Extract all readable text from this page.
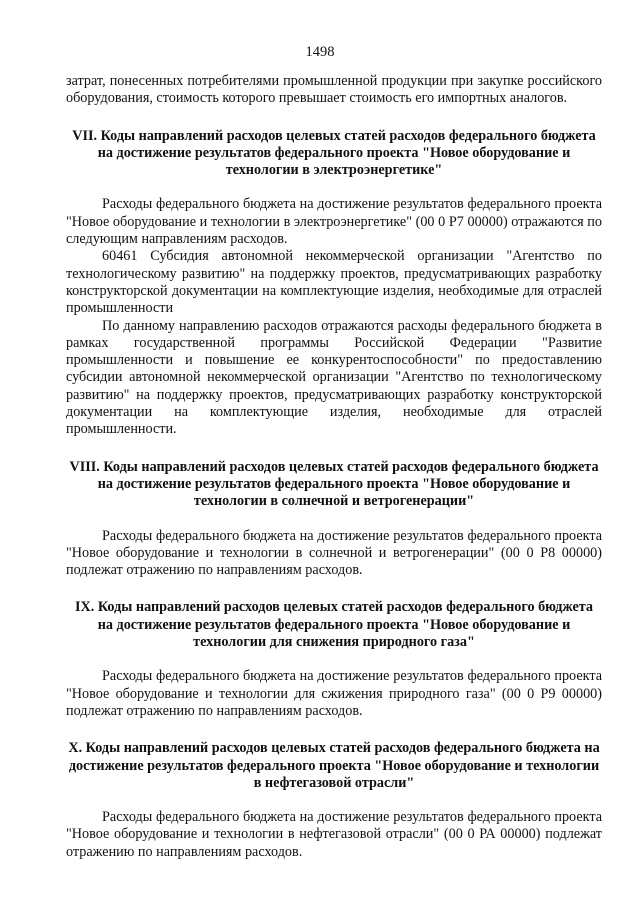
1498

затрат, понесенных потребителями промышленной продукции при закупке российского оборудования, стоимость которого превышает стоимость его импортных аналогов.

VII. Коды направлений расходов целевых статей расходов федерального бюджета на достижение результатов федерального проекта "Новое оборудование и технологии в электроэнергетике"

Расходы федерального бюджета на достижение результатов федерального проекта "Новое оборудование и технологии в электроэнергетике" (00 0 Р7 00000) отражаются по следующим направлениям расходов.

60461 Субсидия автономной некоммерческой организации "Агентство по технологическому развитию" на поддержку проектов, предусматривающих разработку конструкторской документации на комплектующие изделия, необходимые для отраслей промышленности

По данному направлению расходов отражаются расходы федерального бюджета в рамках государственной программы Российской Федерации "Развитие промышленности и повышение ее конкурентоспособности" по предоставлению субсидии автономной некоммерческой организации "Агентство по технологическому развитию" на поддержку проектов, предусматривающих разработку конструкторской документации на комплектующие изделия, необходимые для отраслей промышленности.

VIII. Коды направлений расходов целевых статей расходов федерального бюджета на достижение результатов федерального проекта "Новое оборудование и технологии в солнечной и ветрогенерации"

Расходы федерального бюджета на достижение результатов федерального проекта "Новое оборудование и технологии в солнечной и ветрогенерации" (00 0 Р8 00000) подлежат отражению по направлениям расходов.

IX. Коды направлений расходов целевых статей расходов федерального бюджета на достижение результатов федерального проекта "Новое оборудование и технологии для снижения природного газа"

Расходы федерального бюджета на достижение результатов федерального проекта "Новое оборудование и технологии для сжижения природного газа" (00 0 Р9 00000) подлежат отражению по направлениям расходов.

X. Коды направлений расходов целевых статей расходов федерального бюджета на достижение результатов федерального проекта "Новое оборудование и технологии в нефтегазовой отрасли"

Расходы федерального бюджета на достижение результатов федерального проекта "Новое оборудование и технологии в нефтегазовой отрасли" (00 0 РА 00000) подлежат отражению по направлениям расходов.
